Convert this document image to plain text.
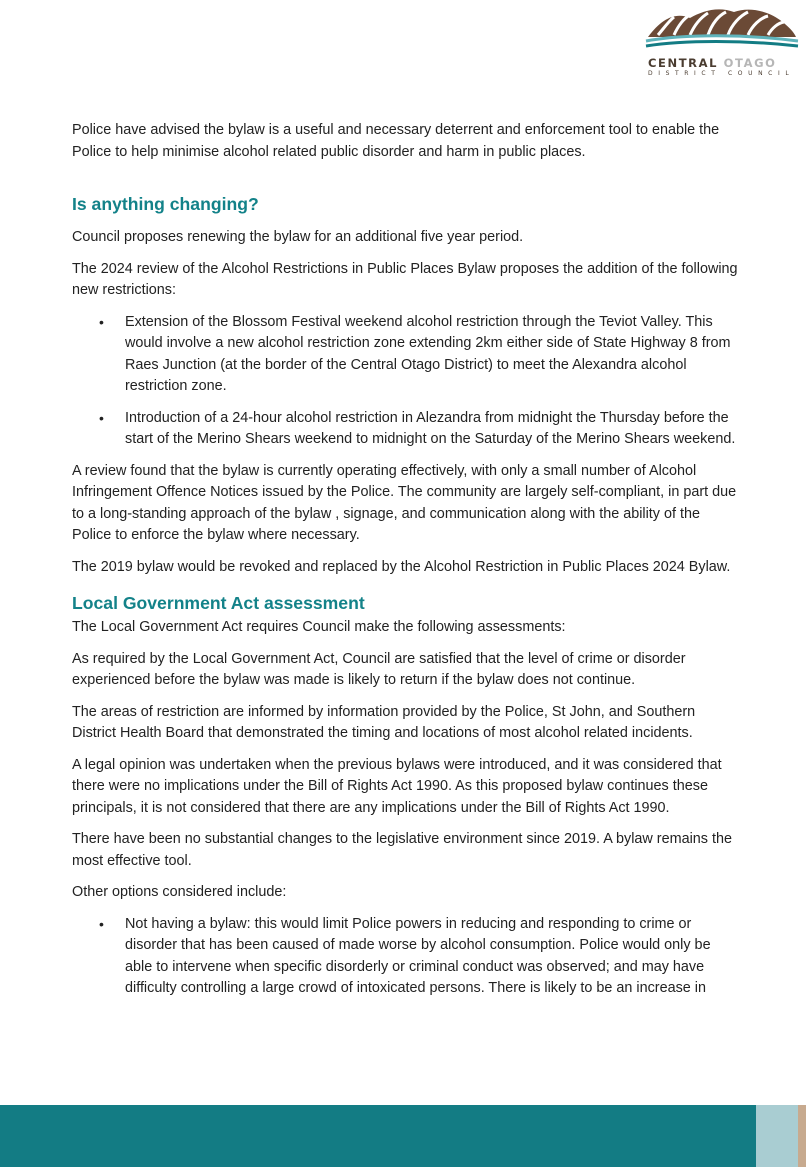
CENTRAL OTAGO
DISTRICT COUNCIL

Police have advised the bylaw is a useful and necessary deterrent and enforcement tool to enable the Police to help minimise alcohol related public disorder and harm in public places.

Is anything changing?

Council proposes renewing the bylaw for an additional five year period.

The 2024 review of the Alcohol Restrictions in Public Places Bylaw proposes the addition of the following new restrictions:

• Extension of the Blossom Festival weekend alcohol restriction through the Teviot Valley. This would involve a new alcohol restriction zone extending 2km either side of State Highway 8 from Raes Junction (at the border of the Central Otago District) to meet the Alexandra alcohol restriction zone.
• Introduction of a 24-hour alcohol restriction in Alezandra from midnight the Thursday before the start of the Merino Shears weekend to midnight on the Saturday of the Merino Shears weekend.

A review found that the bylaw is currently operating effectively, with only a small number of Alcohol Infringement Offence Notices issued by the Police. The community are largely self-compliant, in part due to a long-standing approach of the bylaw , signage, and communication along with the ability of the Police to enforce the bylaw where necessary.

The 2019 bylaw would be revoked and replaced by the Alcohol Restriction in Public Places 2024 Bylaw.

Local Government Act assessment

The Local Government Act requires Council make the following assessments:

As required by the Local Government Act, Council are satisfied that the level of crime or disorder experienced before the bylaw was made is likely to return if the bylaw does not continue.

The areas of restriction are informed by information provided by the Police, St John, and Southern District Health Board that demonstrated the timing and locations of most alcohol related incidents.

A legal opinion was undertaken when the previous bylaws were introduced, and it was considered that there were no implications under the Bill of Rights Act 1990. As this proposed bylaw continues these principals, it is not considered that there are any implications under the Bill of Rights Act 1990.

There have been no substantial changes to the legislative environment since 2019. A bylaw remains the most effective tool.

Other options considered include:

• Not having a bylaw: this would limit Police powers in reducing and responding to crime or disorder that has been caused of made worse by alcohol consumption. Police would only be able to intervene when specific disorderly or criminal conduct was observed; and may have difficulty controlling a large crowd of intoxicated persons. There is likely to be an increase in
